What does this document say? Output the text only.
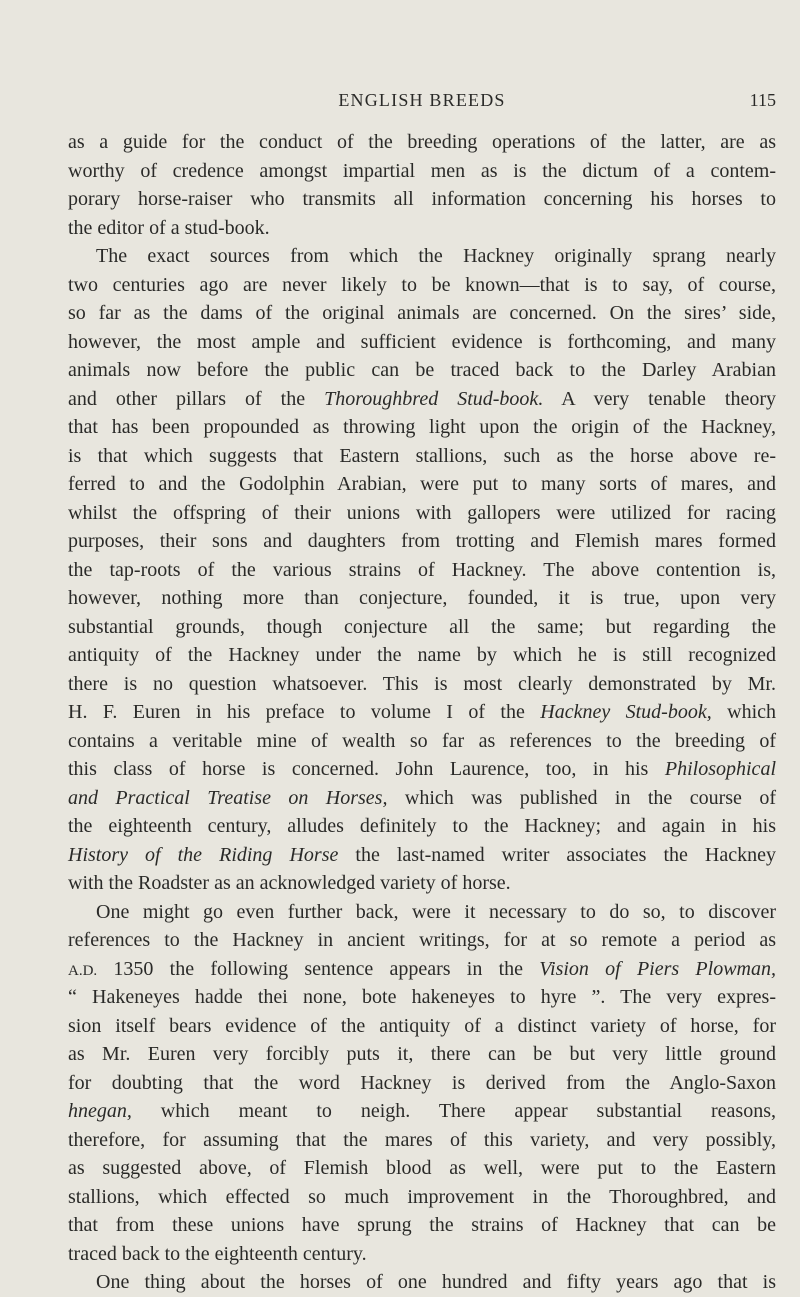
ENGLISH BREEDS	115
as a guide for the conduct of the breeding operations of the latter, are as
worthy of credence amongst impartial men as is the dictum of a contem-
porary horse-raiser who transmits all information concerning his horses to
the editor of a stud-book.
The exact sources from which the Hackney originally sprang nearly
two centuries ago are never likely to be known—that is to say, of course,
so far as the dams of the original animals are concerned. On the sires’ side,
however, the most ample and sufficient evidence is forthcoming, and many
animals now before the public can be traced back to the Darley Arabian
and other pillars of the Thoroughbred Stud-book. A very tenable theory
that has been propounded as throwing light upon the origin of the Hackney,
is that which suggests that Eastern stallions, such as the horse above re-
ferred to and the Godolphin Arabian, were put to many sorts of mares, and
whilst the offspring of their unions with gallopers were utilized for racing
purposes, their sons and daughters from trotting and Flemish mares formed
the tap-roots of the various strains of Hackney. The above contention is,
however, nothing more than conjecture, founded, it is true, upon very
substantial grounds, though conjecture all the same; but regarding the
antiquity of the Hackney under the name by which he is still recognized
there is no question whatsoever. This is most clearly demonstrated by Mr.
H. F. Euren in his preface to volume I of the Hackney Stud-book, which
contains a veritable mine of wealth so far as references to the breeding of
this class of horse is concerned. John Laurence, too, in his Philosophical
and Practical Treatise on Horses, which was published in the course of
the eighteenth century, alludes definitely to the Hackney; and again in his
History of the Riding Horse the last-named writer associates the Hackney
with the Roadster as an acknowledged variety of horse.
One might go even further back, were it necessary to do so, to discover
references to the Hackney in ancient writings, for at so remote a period as
A.D. 1350 the following sentence appears in the Vision of Piers Plowman,
“ Hakeneyes hadde thei none, bote hakeneyes to hyre ”. The very expres-
sion itself bears evidence of the antiquity of a distinct variety of horse, for
as Mr. Euren very forcibly puts it, there can be but very little ground
for doubting that the word Hackney is derived from the Anglo-Saxon
hnegan, which meant to neigh. There appear substantial reasons,
therefore, for assuming that the mares of this variety, and very possibly,
as suggested above, of Flemish blood as well, were put to the Eastern
stallions, which effected so much improvement in the Thoroughbred, and
that from these unions have sprung the strains of Hackney that can be
traced back to the eighteenth century.
One thing about the horses of one hundred and fifty years ago that is
